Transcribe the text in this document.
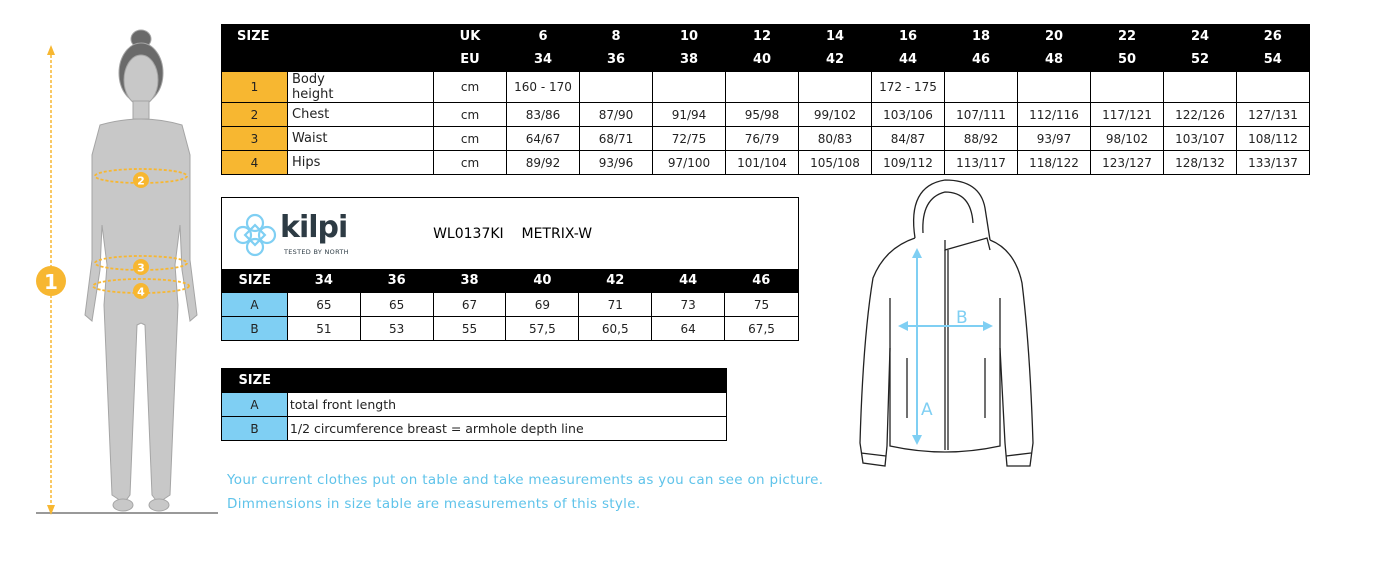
2
3
4
1
SIZE			UK	6	8	10	12	14	16	18	20	22	24	26
			EU	34	36	38	40	42	44	46	48	50	52	54
1	Body height		cm	160 - 170					172 - 175					
2	Chest		cm	83/86	87/90	91/94	95/98	99/102	103/106	107/111	112/116	117/121	122/126	127/131
3	Waist		cm	64/67	68/71	72/75	76/79	80/83	84/87	88/92	93/97	98/102	103/107	108/112
4	Hips		cm	89/92	93/96	97/100	101/104	105/108	109/112	113/117	118/122	123/127	128/132	133/137
kilpi
TESTED BY NORTH			WL0137KI METRIX-W				
SIZE	34	36	38	40	42	44	46
A	65	65	67	69	71	73	75
B	51	53	55	57,5	60,5	64	67,5
SIZE	
A	total front length
B	1/2 circumference breast = armhole depth line
Your current clothes put on table and take measurements as you can see on picture.
Dimmensions in size table are measurements of this style.
A
B
